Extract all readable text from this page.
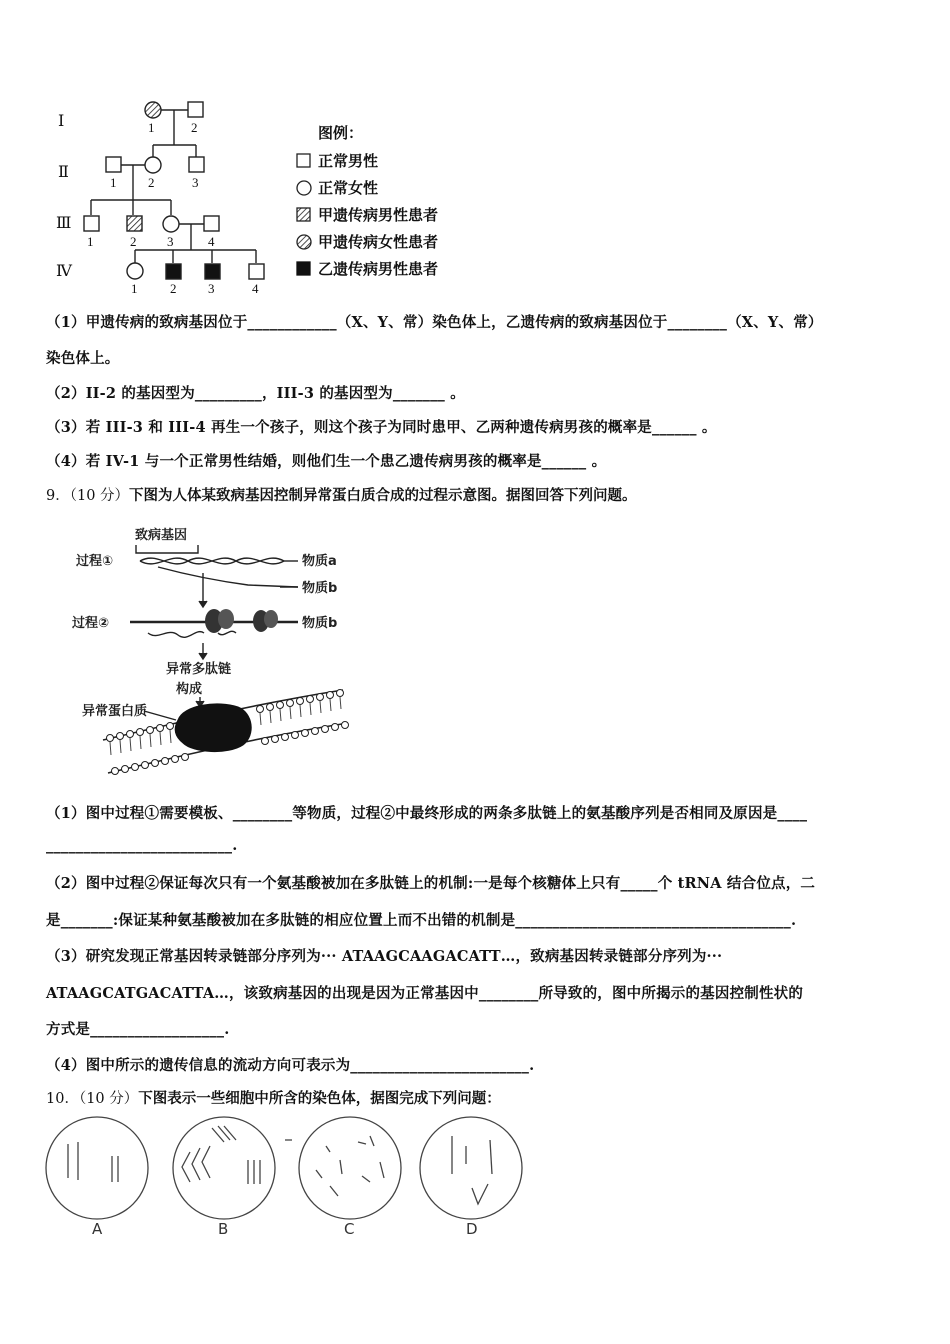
Ⅰ
Ⅱ
Ⅲ
Ⅳ
1	2
1 2	3
1	2 3	4
1	2 3	4
图例：
正常男性
正常女性
甲遗传病男性患者
甲遗传病女性患者
乙遗传病男性患者
（1）甲遗传病的致病基因位于____________（X、Y、常）染色体上，乙遗传病的致病基因位于________（X、Y、常）
染色体上。
（2）II-2 的基因型为_________，III-3 的基因型为_______ 。
（3）若 III-3 和 III-4 再生一个孩子，则这个孩子为同时患甲、乙两种遗传病男孩的概率是______ 。
（4）若 IV-1 与一个正常男性结婚，则他们生一个患乙遗传病男孩的概率是______ 。
9．（10 分）下图为人体某致病基因控制异常蛋白质合成的过程示意图。据图回答下列问题。
致病基因
过程①	物质a
物质b
过程②	物质b
异常多肽链
构成
异常蛋白质
（1）图中过程①需要模板、________等物质，过程②中最终形成的两条多肽链上的氨基酸序列是否相同及原因是____
_________________________.
（2）图中过程②保证每次只有一个氨基酸被加在多肽链上的机制:一是每个核糖体上只有_____个 tRNA 结合位点，二
是_______:保证某种氨基酸被加在多肽链的相应位置上而不出错的机制是_____________________________________.
（3）研究发现正常基因转录链部分序列为··· ATAAGCAAGACATT…，致病基因转录链部分序列为···
ATAAGCATGACATTA…，该致病基因的出现是因为正常基因中________所导致的，图中所揭示的基因控制性状的
方式是__________________.
（4）图中所示的遗传信息的流动方向可表示为________________________.
10．（10 分）下图表示一些细胞中所含的染色体，据图完成下列问题：
A	B	C	D
